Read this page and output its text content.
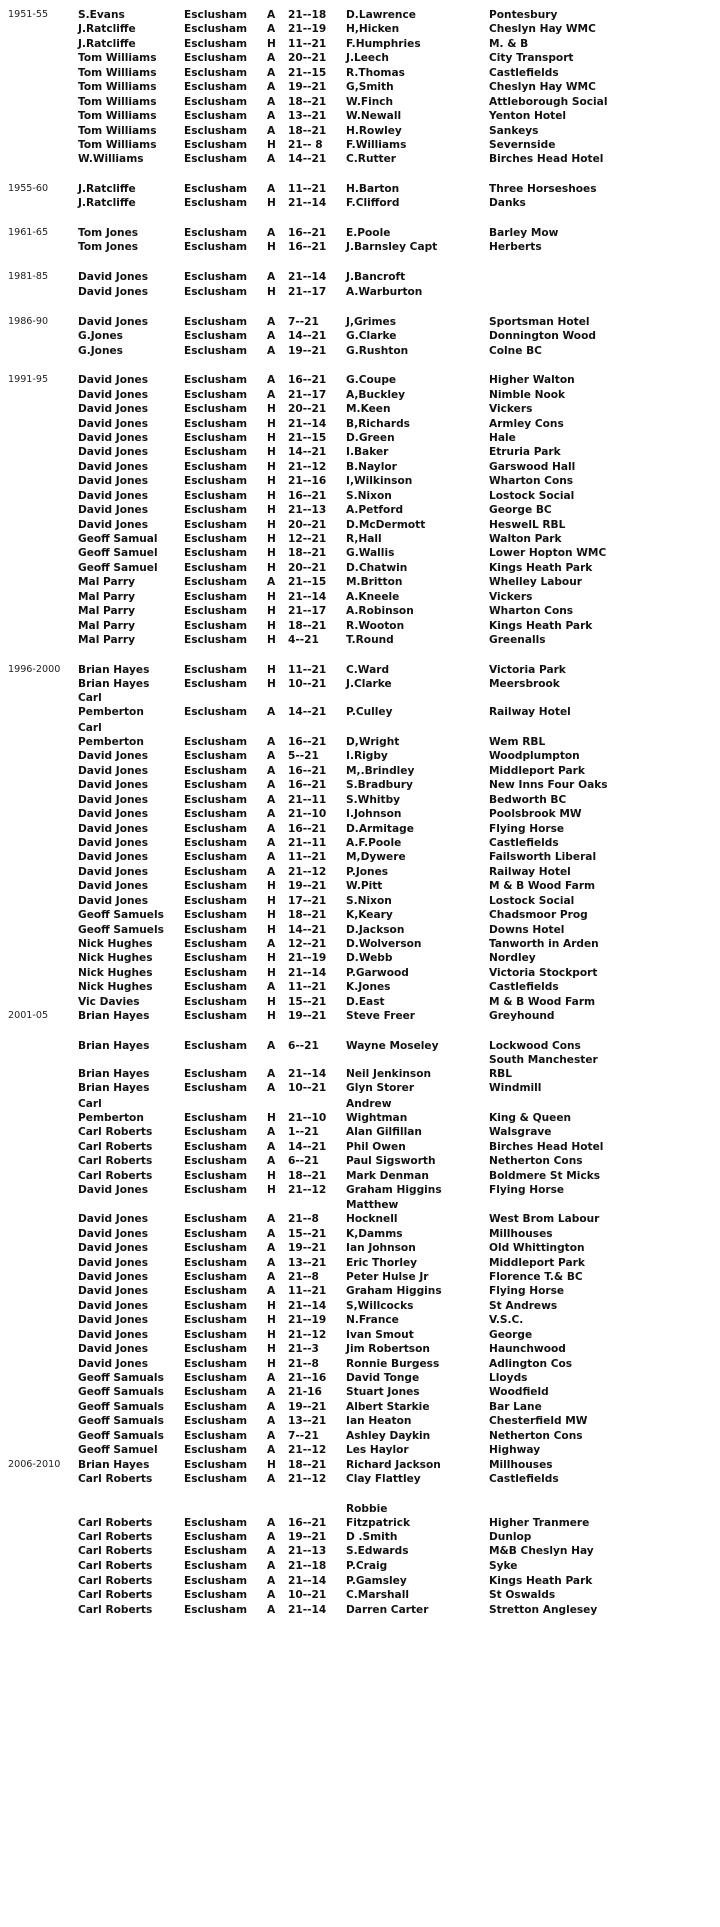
1951-55	S.Evans	Esclusham A 21--18 D.Lawrence	Pontesbury
J.Ratcliffe	Esclusham A 21--19 H,Hicken	Cheslyn Hay WMC
J.Ratcliffe	Esclusham H 11--21 F.Humphries	M. & B
Tom Williams	Esclusham A 20--21 J.Leech	City Transport
Tom Williams	Esclusham A 21--15 R.Thomas	Castlefields
Tom Williams	Esclusham A 19--21 G,Smith	Cheslyn Hay WMC
Tom Williams	Esclusham A 18--21 W.Finch	Attleborough Social
Tom Williams	Esclusham A 13--21 W.Newall	Yenton Hotel
Tom Williams	Esclusham A 18--21 H.Rowley	Sankeys
Tom Williams	Esclusham H 21-- 8 F.Williams	Severnside
W.Williams	Esclusham A 14--21 C.Rutter	Birches Head Hotel
1955-60	J.Ratcliffe	Esclusham A 11--21 H.Barton	Three Horseshoes
J.Ratcliffe	Esclusham H 21--14 F.Clifford	Danks
1961-65	Tom Jones	Esclusham A 16--21 E.Poole	Barley Mow
Tom Jones	Esclusham H 16--21 J.Barnsley Capt	Herberts
1981-85	David Jones	Esclusham A 21--14 J.Bancroft
David Jones	Esclusham H 21--17 A.Warburton
1986-90	David Jones	Esclusham A 7--21	J,Grimes	Sportsman Hotel
G.Jones	Esclusham A 14--21 G.Clarke	Donnington Wood
G.Jones	Esclusham A 19--21 G.Rushton	Colne BC
1991-95	David Jones	Esclusham A 16--21 G.Coupe	Higher Walton
David Jones	Esclusham A 21--17 A,Buckley	Nimble Nook
David Jones	Esclusham H 20--21 M.Keen	Vickers
David Jones	Esclusham H 21--14 B,Richards	Armley Cons
David Jones	Esclusham H 21--15 D.Green	Hale
David Jones	Esclusham H 14--21 I.Baker	Etruria Park
David Jones	Esclusham H 21--12 B.Naylor	Garswood Hall
David Jones	Esclusham H 21--16 I,Wilkinson	Wharton Cons
David Jones	Esclusham H 16--21 S.Nixon	Lostock Social
David Jones	Esclusham H 21--13 A.Petford	George BC
David Jones	Esclusham H 20--21 D.McDermott	HeswelL RBL
Geoff Samual Esclusham H 12--21 R,Hall	Walton Park
Geoff Samuel Esclusham H 18--21 G.Wallis	Lower Hopton WMC
Geoff Samuel Esclusham H 20--21 D.Chatwin	Kings Heath Park
Mal Parry	Esclusham A 21--15 M.Britton	Whelley Labour
Mal Parry	Esclusham H 21--14 A.Kneele	Vickers
Mal Parry	Esclusham H 21--17 A.Robinson	Wharton Cons
Mal Parry	Esclusham H 18--21 R.Wooton	Kings Heath Park
Mal Parry	Esclusham H 4--21	T.Round	Greenalls
1996-2000 Brian Hayes	Esclusham H 11--21 C.Ward	Victoria Park
Brian Hayes	Esclusham H 10--21 J.Clarke	Meersbrook
Carl
Pemberton	Esclusham A 14--21 P.Culley	Railway Hotel
Carl
Pemberton	Esclusham A 16--21 D,Wright	Wem RBL
David Jones	Esclusham A 5--21	I.Rigby	Woodplumpton
David Jones	Esclusham A 16--21 M,.Brindley	Middleport Park
David Jones	Esclusham A 16--21 S.Bradbury	New Inns Four Oaks
David Jones	Esclusham A 21--11 S.Whitby	Bedworth BC
David Jones	Esclusham A 21--10 I.Johnson	Poolsbrook MW
David Jones	Esclusham A 16--21 D.Armitage	Flying Horse
David Jones	Esclusham A 21--11 A.F.Poole	Castlefields
David Jones	Esclusham A 11--21 M,Dywere	Failsworth Liberal
David Jones	Esclusham A 21--12 P.Jones	Railway Hotel
David Jones	Esclusham H 19--21 W.Pitt	M & B Wood Farm
David Jones	Esclusham H 17--21 S.Nixon	Lostock Social
Geoff Samuels Esclusham H 18--21 K,Keary	Chadsmoor Prog
Geoff Samuels Esclusham H 14--21 D.Jackson	Downs Hotel
Nick Hughes	Esclusham A 12--21 D.Wolverson	Tanworth in Arden
Nick Hughes	Esclusham H 21--19 D.Webb	Nordley
Nick Hughes	Esclusham H 21--14 P.Garwood	Victoria Stockport
Nick Hughes	Esclusham A 11--21 K.Jones	Castlefields
Vic Davies	Esclusham H 15--21 D.East	M & B Wood Farm
2001-05	Brian Hayes	Esclusham H 19--21 Steve Freer	Greyhound
Brian Hayes	Esclusham A 6--21	Wayne Moseley	Lockwood Cons
South Manchester
Brian Hayes	Esclusham A 21--14 Neil Jenkinson	RBL
Brian Hayes	Esclusham A 10--21 Glyn Storer	Windmill
Carl	Andrew
Pemberton	Esclusham H 21--10 Wightman	King & Queen
Carl Roberts	Esclusham A 1--21	Alan Gilfillan	Walsgrave
Carl Roberts	Esclusham A 14--21 Phil Owen	Birches Head Hotel
Carl Roberts	Esclusham A 6--21	Paul Sigsworth	Netherton Cons
Carl Roberts	Esclusham H 18--21 Mark Denman	Boldmere St Micks
David Jones	Esclusham H 21--12 Graham Higgins	Flying Horse
Matthew
David Jones	Esclusham A 21--8	Hocknell	West Brom Labour
David Jones	Esclusham A 15--21 K,Damms	Millhouses
David Jones	Esclusham A 19--21 Ian Johnson	Old Whittington
David Jones	Esclusham A 13--21 Eric Thorley	Middleport Park
David Jones	Esclusham A 21--8	Peter Hulse Jr	Florence T.& BC
David Jones	Esclusham A 11--21 Graham Higgins	Flying Horse
David Jones	Esclusham H 21--14 S,Willcocks	St Andrews
David Jones	Esclusham H 21--19 N.France	V.S.C.
David Jones	Esclusham H 21--12 Ivan Smout	George
David Jones	Esclusham H 21--3	Jim Robertson	Haunchwood
David Jones	Esclusham H 21--8	Ronnie Burgess	Adlington Cos
Geoff Samuals Esclusham A 21--16 David Tonge	Lloyds
Geoff Samuals Esclusham A 21-16 Stuart Jones	Woodfield
Geoff Samuals Esclusham A 19--21 Albert Starkie	Bar Lane
Geoff Samuals Esclusham A 13--21 Ian Heaton	Chesterfield MW
Geoff Samuals Esclusham A 7--21	Ashley Daykin	Netherton Cons
Geoff Samuel Esclusham A 21--12 Les Haylor	Highway
2006-2010 Brian Hayes	Esclusham H 18--21 Richard Jackson	Millhouses
Carl Roberts	Esclusham A 21--12 Clay Flattley	Castlefields
Robbie
Carl Roberts	Esclusham A 16--21 Fitzpatrick	Higher Tranmere
Carl Roberts	Esclusham A 19--21 D .Smith	Dunlop
Carl Roberts	Esclusham A 21--13 S.Edwards	M&B Cheslyn Hay
Carl Roberts	Esclusham A 21--18 P.Craig	Syke
Carl Roberts	Esclusham A 21--14 P.Gamsley	Kings Heath Park
Carl Roberts	Esclusham A 10--21 C.Marshall	St Oswalds
Carl Roberts	Esclusham A 21--14 Darren Carter	Stretton Anglesey
